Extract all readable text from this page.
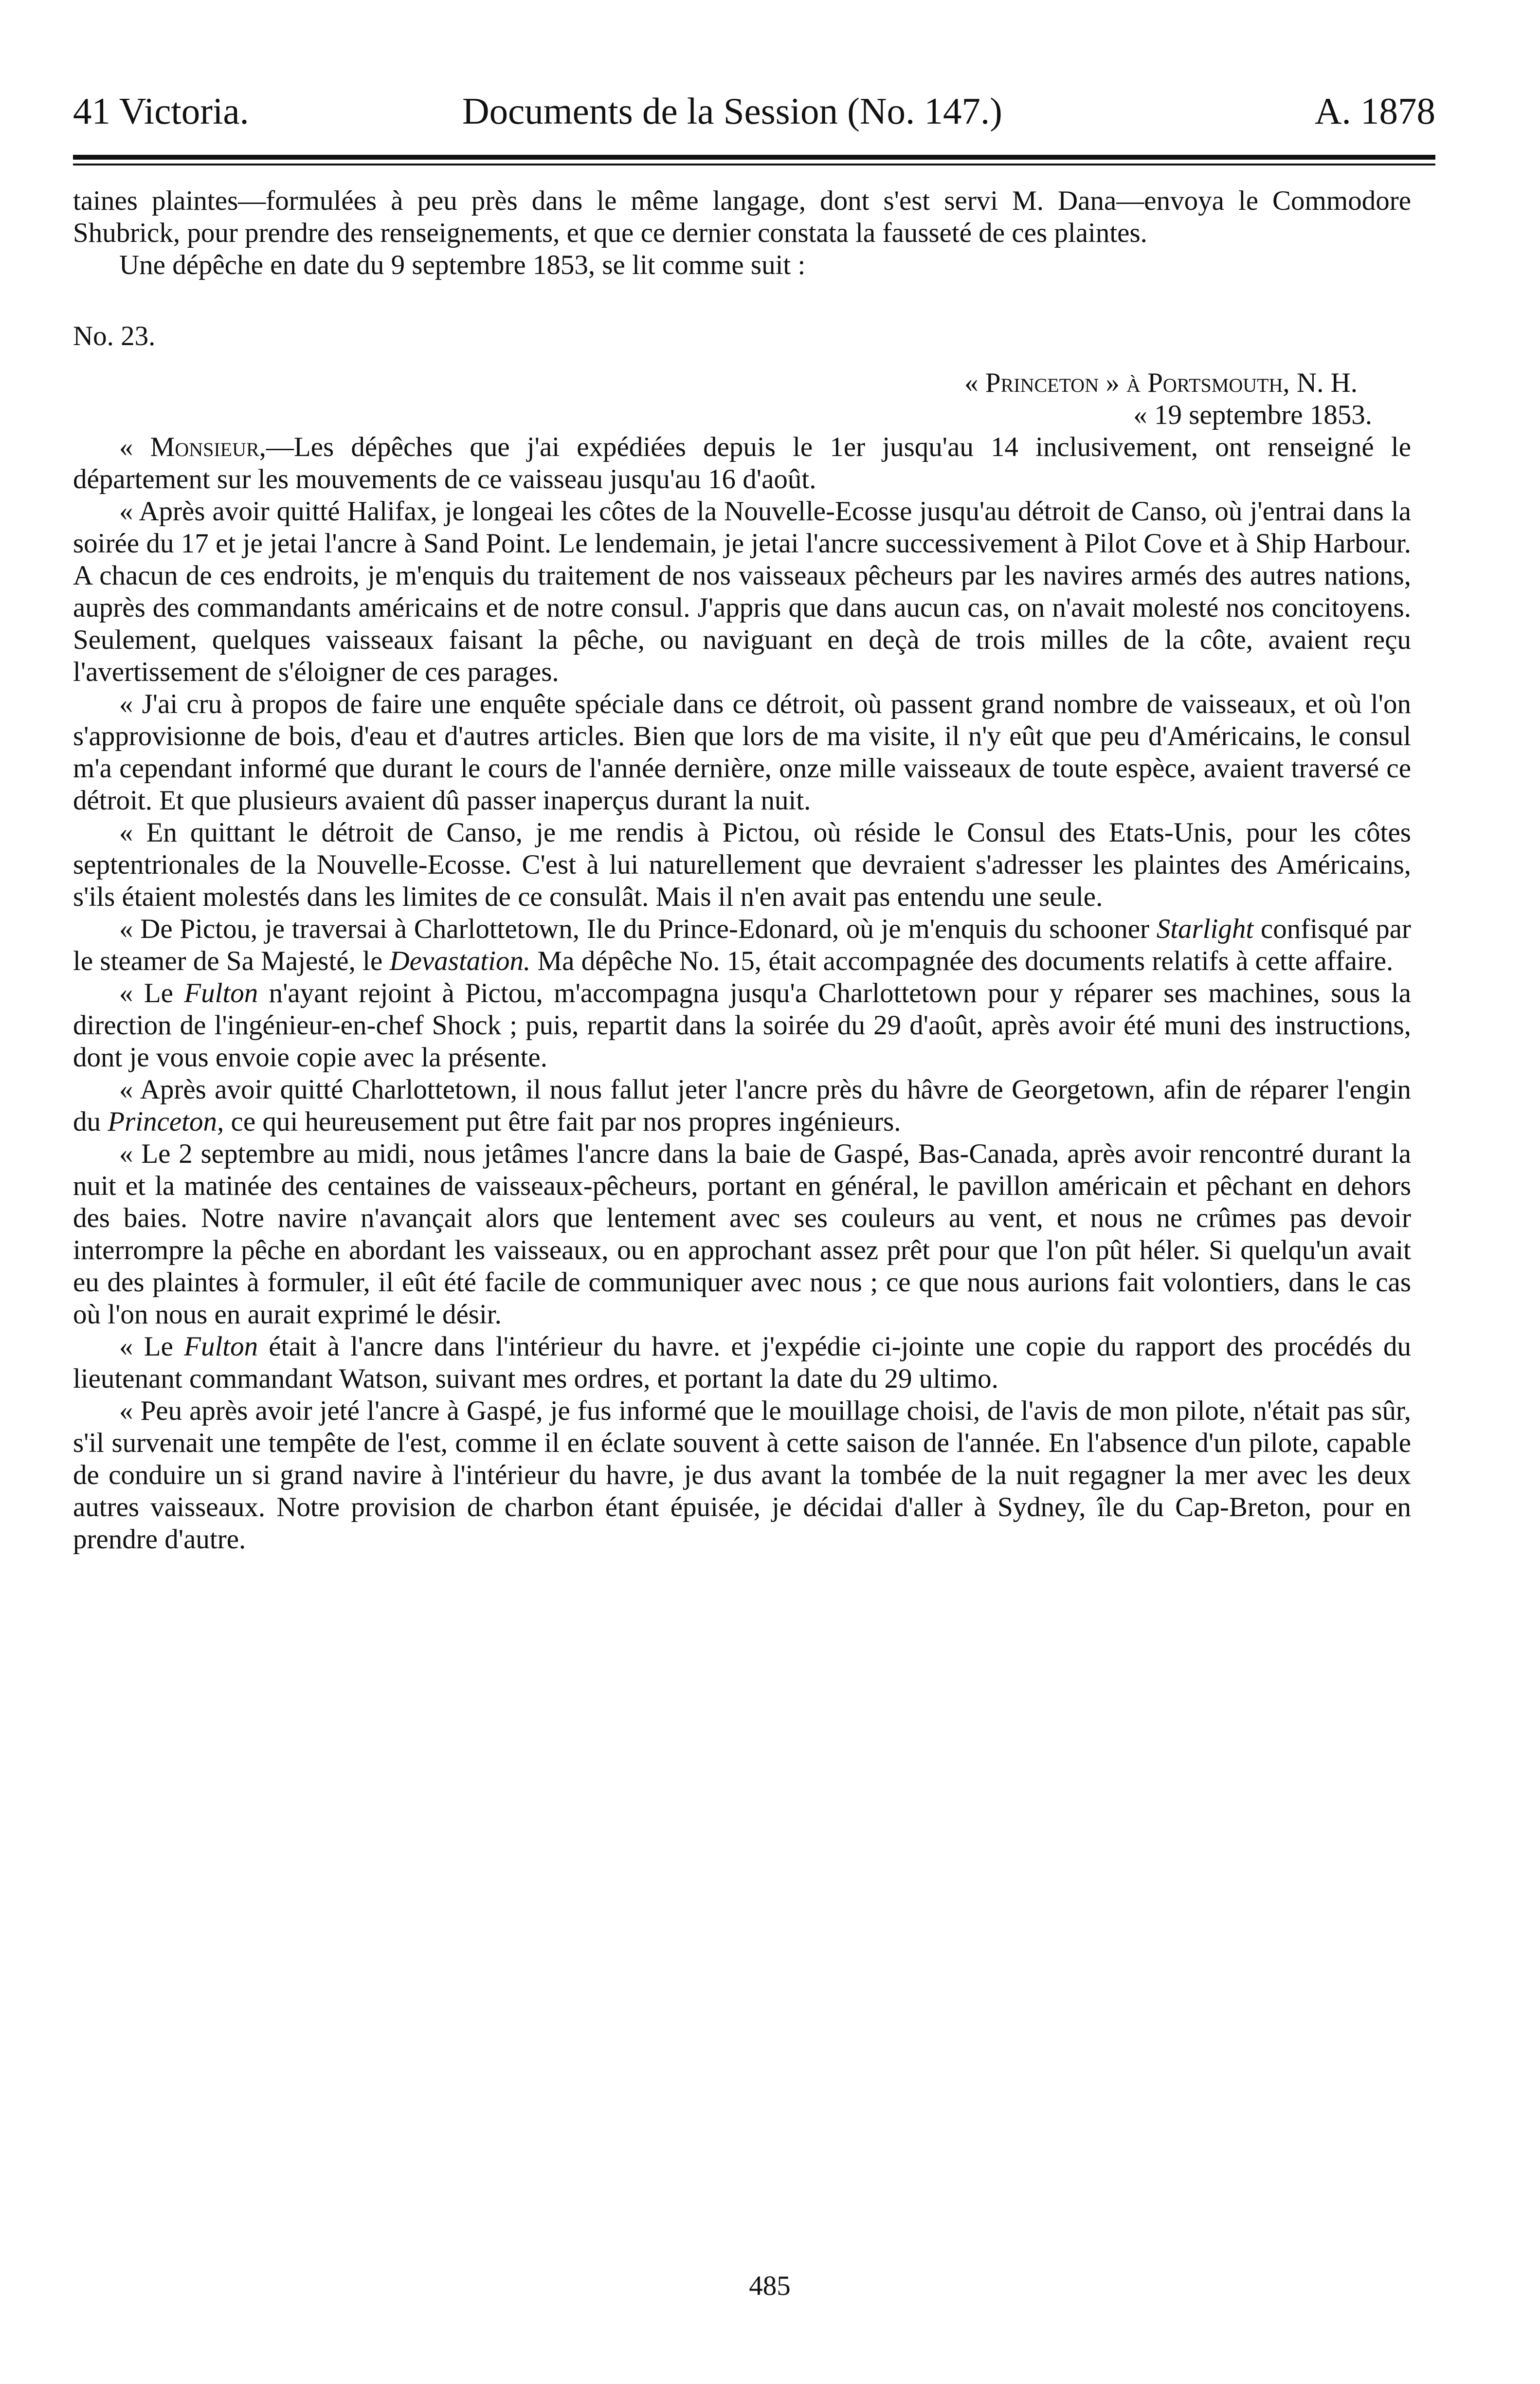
41 Victoria.	Documents de la Session (No. 147.)	A. 1878

taines plaintes—formulées à peu près dans le même langage, dont s'est servi M. Dana—envoya le Commodore Shubrick, pour prendre des renseignements, et que ce dernier constata la fausseté de ces plaintes.

Une dépêche en date du 9 septembre 1853, se lit comme suit :

No. 23.

« Princeton » à Portsmouth, N. H.

« 19 septembre 1853.

« Monsieur,—Les dépêches que j'ai expédiées depuis le 1er jusqu'au 14 inclusivement, ont renseigné le département sur les mouvements de ce vaisseau jusqu'au 16 d'août.

« Après avoir quitté Halifax, je longeai les côtes de la Nouvelle-Ecosse jusqu'au détroit de Canso, où j'entrai dans la soirée du 17 et je jetai l'ancre à Sand Point. Le lendemain, je jetai l'ancre successivement à Pilot Cove et à Ship Harbour. A chacun de ces endroits, je m'enquis du traitement de nos vaisseaux pêcheurs par les navires armés des autres nations, auprès des commandants américains et de notre consul. J'appris que dans aucun cas, on n'avait molesté nos concitoyens. Seulement, quelques vaisseaux faisant la pêche, ou naviguant en deçà de trois milles de la côte, avaient reçu l'avertissement de s'éloigner de ces parages.

« J'ai cru à propos de faire une enquête spéciale dans ce détroit, où passent grand nombre de vaisseaux, et où l'on s'approvisionne de bois, d'eau et d'autres articles. Bien que lors de ma visite, il n'y eût que peu d'Américains, le consul m'a cependant informé que durant le cours de l'année dernière, onze mille vaisseaux de toute espèce, avaient traversé ce détroit. Et que plusieurs avaient dû passer inaperçus durant la nuit.

« En quittant le détroit de Canso, je me rendis à Pictou, où réside le Consul des Etats-Unis, pour les côtes septentrionales de la Nouvelle-Ecosse. C'est à lui naturellement que devraient s'adresser les plaintes des Américains, s'ils étaient molestés dans les limites de ce consulât. Mais il n'en avait pas entendu une seule.

« De Pictou, je traversai à Charlottetown, Ile du Prince-Edonard, où je m'enquis du schooner Starlight confisqué par le steamer de Sa Majesté, le Devastation. Ma dépêche No. 15, était accompagnée des documents relatifs à cette affaire.

« Le Fulton n'ayant rejoint à Pictou, m'accompagna jusqu'a Charlottetown pour y réparer ses machines, sous la direction de l'ingénieur-en-chef Shock ; puis, repartit dans la soirée du 29 d'août, après avoir été muni des instructions, dont je vous envoie copie avec la présente.

« Après avoir quitté Charlottetown, il nous fallut jeter l'ancre près du hâvre de Georgetown, afin de réparer l'engin du Princeton, ce qui heureusement put être fait par nos propres ingénieurs.

« Le 2 septembre au midi, nous jetâmes l'ancre dans la baie de Gaspé, Bas-Canada, après avoir rencontré durant la nuit et la matinée des centaines de vaisseaux-pêcheurs, portant en général, le pavillon américain et pêchant en dehors des baies. Notre navire n'avançait alors que lentement avec ses couleurs au vent, et nous ne crûmes pas devoir interrompre la pêche en abordant les vaisseaux, ou en approchant assez prêt pour que l'on pût héler. Si quelqu'un avait eu des plaintes à formuler, il eût été facile de communiquer avec nous ; ce que nous aurions fait volontiers, dans le cas où l'on nous en aurait exprimé le désir.

« Le Fulton était à l'ancre dans l'intérieur du havre. et j'expédie ci-jointe une copie du rapport des procédés du lieutenant commandant Watson, suivant mes ordres, et portant la date du 29 ultimo.

« Peu après avoir jeté l'ancre à Gaspé, je fus informé que le mouillage choisi, de l'avis de mon pilote, n'était pas sûr, s'il survenait une tempête de l'est, comme il en éclate souvent à cette saison de l'année. En l'absence d'un pilote, capable de conduire un si grand navire à l'intérieur du havre, je dus avant la tombée de la nuit regagner la mer avec les deux autres vaisseaux. Notre provision de charbon étant épuisée, je décidai d'aller à Sydney, île du Cap-Breton, pour en prendre d'autre.

485
